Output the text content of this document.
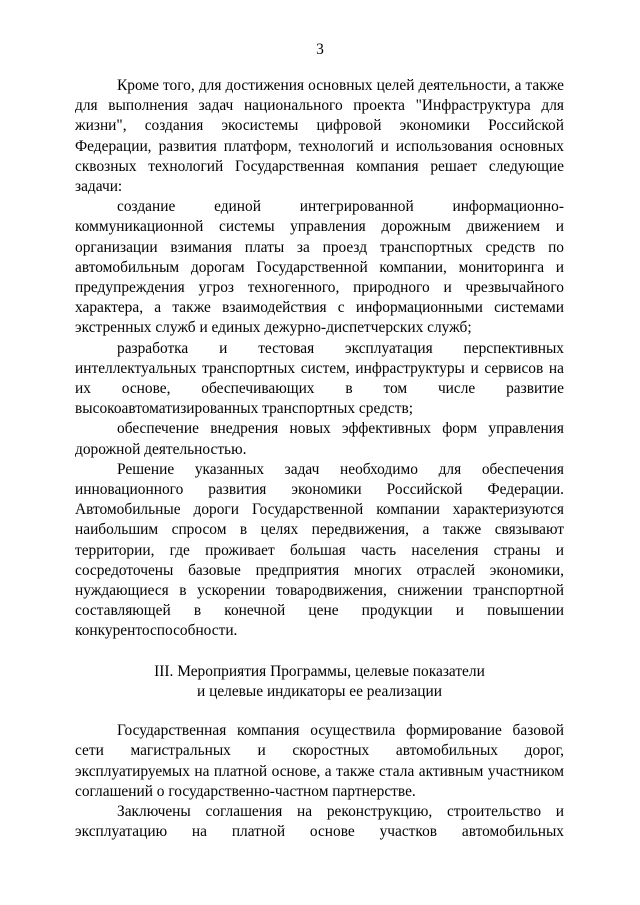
3

Кроме того, для достижения основных целей деятельности, а также для выполнения задач национального проекта "Инфраструктура для жизни", создания экосистемы цифровой экономики Российской Федерации, развития платформ, технологий и использования основных сквозных технологий Государственная компания решает следующие задачи:

создание единой интегрированной информационно-коммуникационной системы управления дорожным движением и организации взимания платы за проезд транспортных средств по автомобильным дорогам Государственной компании, мониторинга и предупреждения угроз техногенного, природного и чрезвычайного характера, а также взаимодействия с информационными системами экстренных служб и единых дежурно-диспетчерских служб;

разработка и тестовая эксплуатация перспективных интеллектуальных транспортных систем, инфраструктуры и сервисов на их основе, обеспечивающих в том числе развитие высокоавтоматизированных транспортных средств;

обеспечение внедрения новых эффективных форм управления дорожной деятельностью.

Решение указанных задач необходимо для обеспечения инновационного развития экономики Российской Федерации. Автомобильные дороги Государственной компании характеризуются наибольшим спросом в целях передвижения, а также связывают территории, где проживает большая часть населения страны и сосредоточены базовые предприятия многих отраслей экономики, нуждающиеся в ускорении товародвижения, снижении транспортной составляющей в конечной цене продукции и повышении конкурентоспособности.

III. Мероприятия Программы, целевые показатели
и целевые индикаторы ее реализации

Государственная компания осуществила формирование базовой сети магистральных и скоростных автомобильных дорог, эксплуатируемых на платной основе, а также стала активным участником соглашений о государственно-частном партнерстве.

Заключены соглашения на реконструкцию, строительство и эксплуатацию на платной основе участков автомобильных
